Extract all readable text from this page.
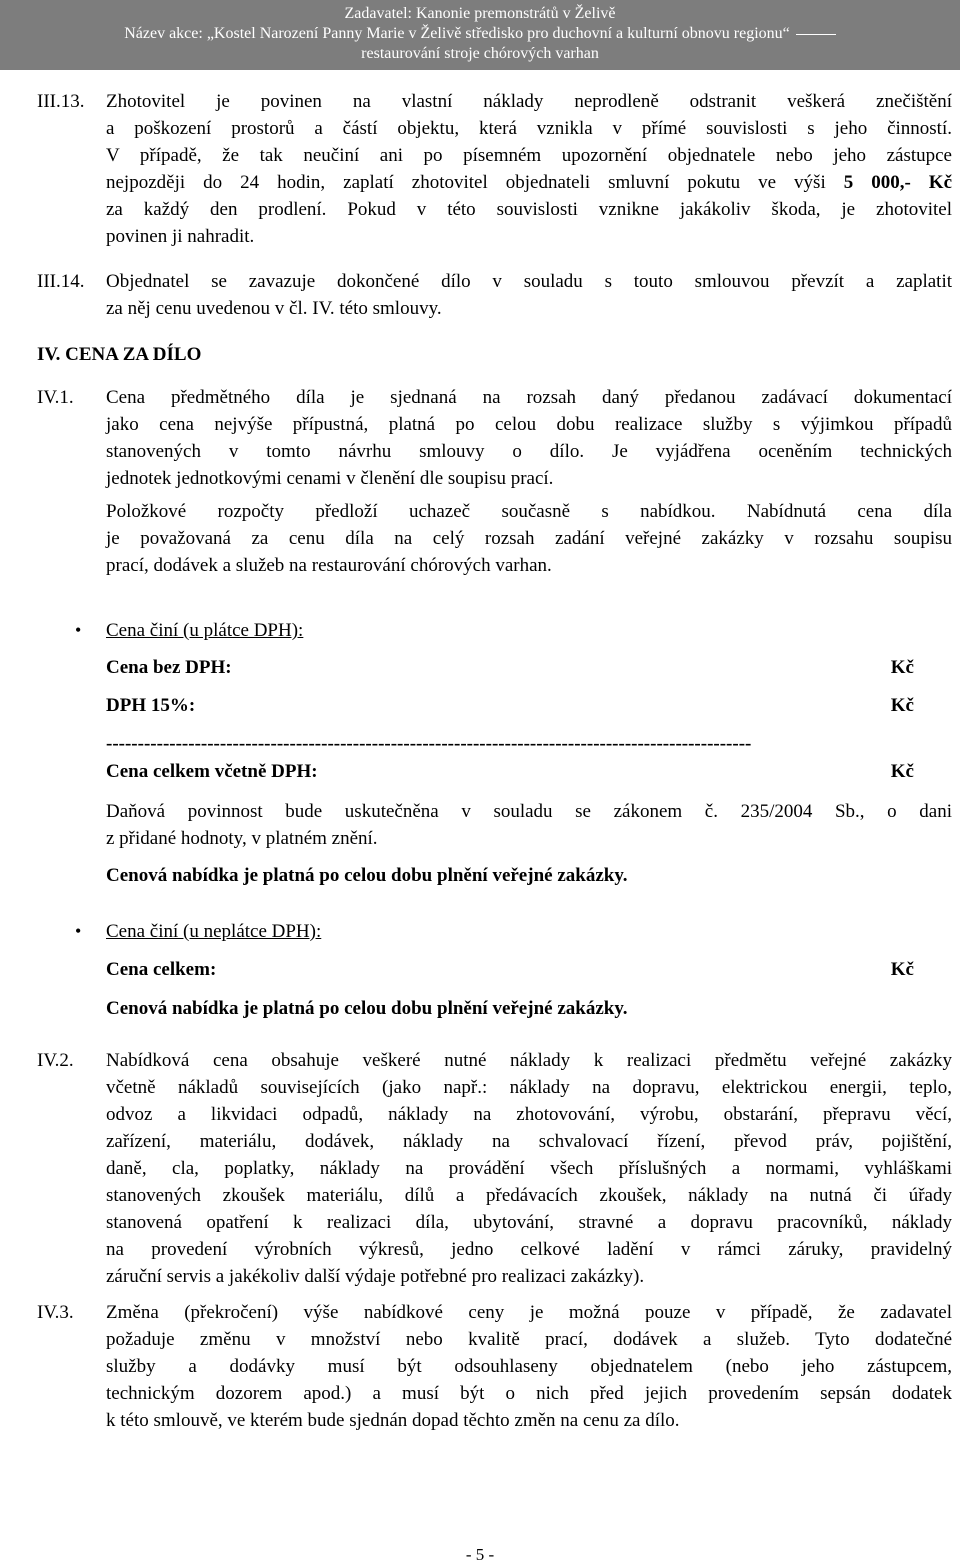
Zadavatel: Kanonie premonstrátů v Želivě
Název akce: „Kostel Narození Panny Marie v Želivě středisko pro duchovní a kulturní obnovu regionu“
restaurování stroje chórových varhan
III.13. Zhotovitel je povinen na vlastní náklady neprodleně odstranit veškerá znečištění
a poškození prostorů a částí objektu, která vznikla v přímé souvislosti s jeho činností.
V případě, že tak neučiní ani po písemném upozornění objednatele nebo jeho zástupce
nejpozději do 24 hodin, zaplatí zhotovitel objednateli smluvní pokutu ve výši 5 000,- Kč
za každý den prodlení. Pokud v této souvislosti vznikne jakákoliv škoda, je zhotovitel
povinen ji nahradit.
III.14. Objednatel se zavazuje dokončené dílo v souladu s touto smlouvou převzít a zaplatit
za něj cenu uvedenou v čl. IV. této smlouvy.
IV. CENA ZA DÍLO
IV.1. Cena předmětného díla je sjednaná na rozsah daný předanou zadávací dokumentací
jako cena nejvýše přípustná, platná po celou dobu realizace služby s výjimkou případů
stanovených v tomto návrhu smlouvy o dílo. Je vyjádřena oceněním technických
jednotek jednotkovými cenami v členění dle soupisu prací.
Položkové rozpočty předloží uchazeč současně s nabídkou. Nabídnutá cena díla
je považovaná za cenu díla na celý rozsah zadání veřejné zakázky v rozsahu soupisu
prací, dodávek a služeb na restaurování chórových varhan.
• Cena činí (u plátce DPH):
Cena bez DPH:	Kč
DPH 15%:	Kč
------------------------------------------------------------------------------------------------------
Cena celkem včetně DPH:	Kč
Daňová povinnost bude uskutečněna v souladu se zákonem č. 235/2004 Sb., o dani
z přidané hodnoty, v platném znění.
Cenová nabídka je platná po celou dobu plnění veřejné zakázky.
• Cena činí (u neplátce DPH):
Cena celkem:	Kč
Cenová nabídka je platná po celou dobu plnění veřejné zakázky.
IV.2. Nabídková cena obsahuje veškeré nutné náklady k realizaci předmětu veřejné zakázky
včetně nákladů souvisejících (jako např.: náklady na dopravu, elektrickou energii, teplo,
odvoz a likvidaci odpadů, náklady na zhotovování, výrobu, obstarání, přepravu věcí,
zařízení, materiálu, dodávek, náklady na schvalovací řízení, převod práv, pojištění,
daně, cla, poplatky, náklady na provádění všech příslušných a normami, vyhláškami
stanovených zkoušek materiálu, dílů a předávacích zkoušek, náklady na nutná či úřady
stanovená opatření k realizaci díla, ubytování, stravné a dopravu pracovníků, náklady
na provedení výrobních výkresů, jedno celkové ladění v rámci záruky, pravidelný
záruční servis a jakékoliv další výdaje potřebné pro realizaci zakázky).
IV.3. Změna (překročení) výše nabídkové ceny je možná pouze v případě, že zadavatel
požaduje změnu v množství nebo kvalitě prací, dodávek a služeb. Tyto dodatečné
služby a dodávky musí být odsouhlaseny objednatelem (nebo jeho zástupcem,
technickým dozorem apod.) a musí být o nich před jejich provedením sepsán dodatek
k této smlouvě, ve kterém bude sjednán dopad těchto změn na cenu za dílo.
- 5 -
